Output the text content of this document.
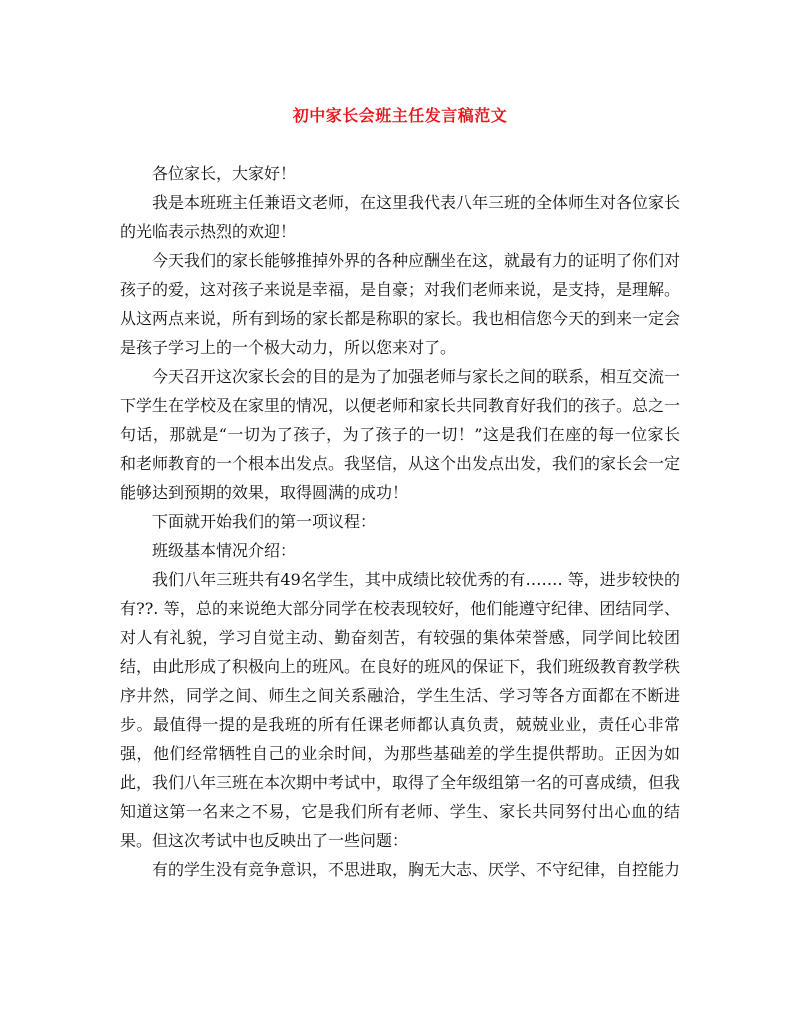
初中家长会班主任发言稿范文

各位家长，大家好！

我是本班班主任兼语文老师，在这里我代表八年三班的全体师生对各位家长的光临表示热烈的欢迎！

今天我们的家长能够推掉外界的各种应酬坐在这，就最有力的证明了你们对孩子的爱，这对孩子来说是幸福，是自豪；对我们老师来说，是支持，是理解。从这两点来说，所有到场的家长都是称职的家长。我也相信您今天的到来一定会是孩子学习上的一个极大动力，所以您来对了。

今天召开这次家长会的目的是为了加强老师与家长之间的联系，相互交流一下学生在学校及在家里的情况，以便老师和家长共同教育好我们的孩子。总之一句话，那就是“一切为了孩子，为了孩子的一切！”这是我们在座的每一位家长和老师教育的一个根本出发点。我坚信，从这个出发点出发，我们的家长会一定能够达到预期的效果，取得圆满的成功！

下面就开始我们的第一项议程：

班级基本情况介绍：

我们八年三班共有49名学生，其中成绩比较优秀的有……. 等，进步较快的有??. 等，总的来说绝大部分同学在校表现较好，他们能遵守纪律、团结同学、对人有礼貌，学习自觉主动、勤奋刻苦，有较强的集体荣誉感，同学间比较团结，由此形成了积极向上的班风。在良好的班风的保证下，我们班级教育教学秩序井然，同学之间、师生之间关系融洽，学生生活、学习等各方面都在不断进步。最值得一提的是我班的所有任课老师都认真负责，兢兢业业，责任心非常强，他们经常牺牲自己的业余时间，为那些基础差的学生提供帮助。正因为如此，我们八年三班在本次期中考试中，取得了全年级组第一名的可喜成绩，但我知道这第一名来之不易，它是我们所有老师、学生、家长共同努付出心血的结果。但这次考试中也反映出了一些问题：

有的学生没有竞争意识，不思进取，胸无大志、厌学、不守纪律，自控能力
